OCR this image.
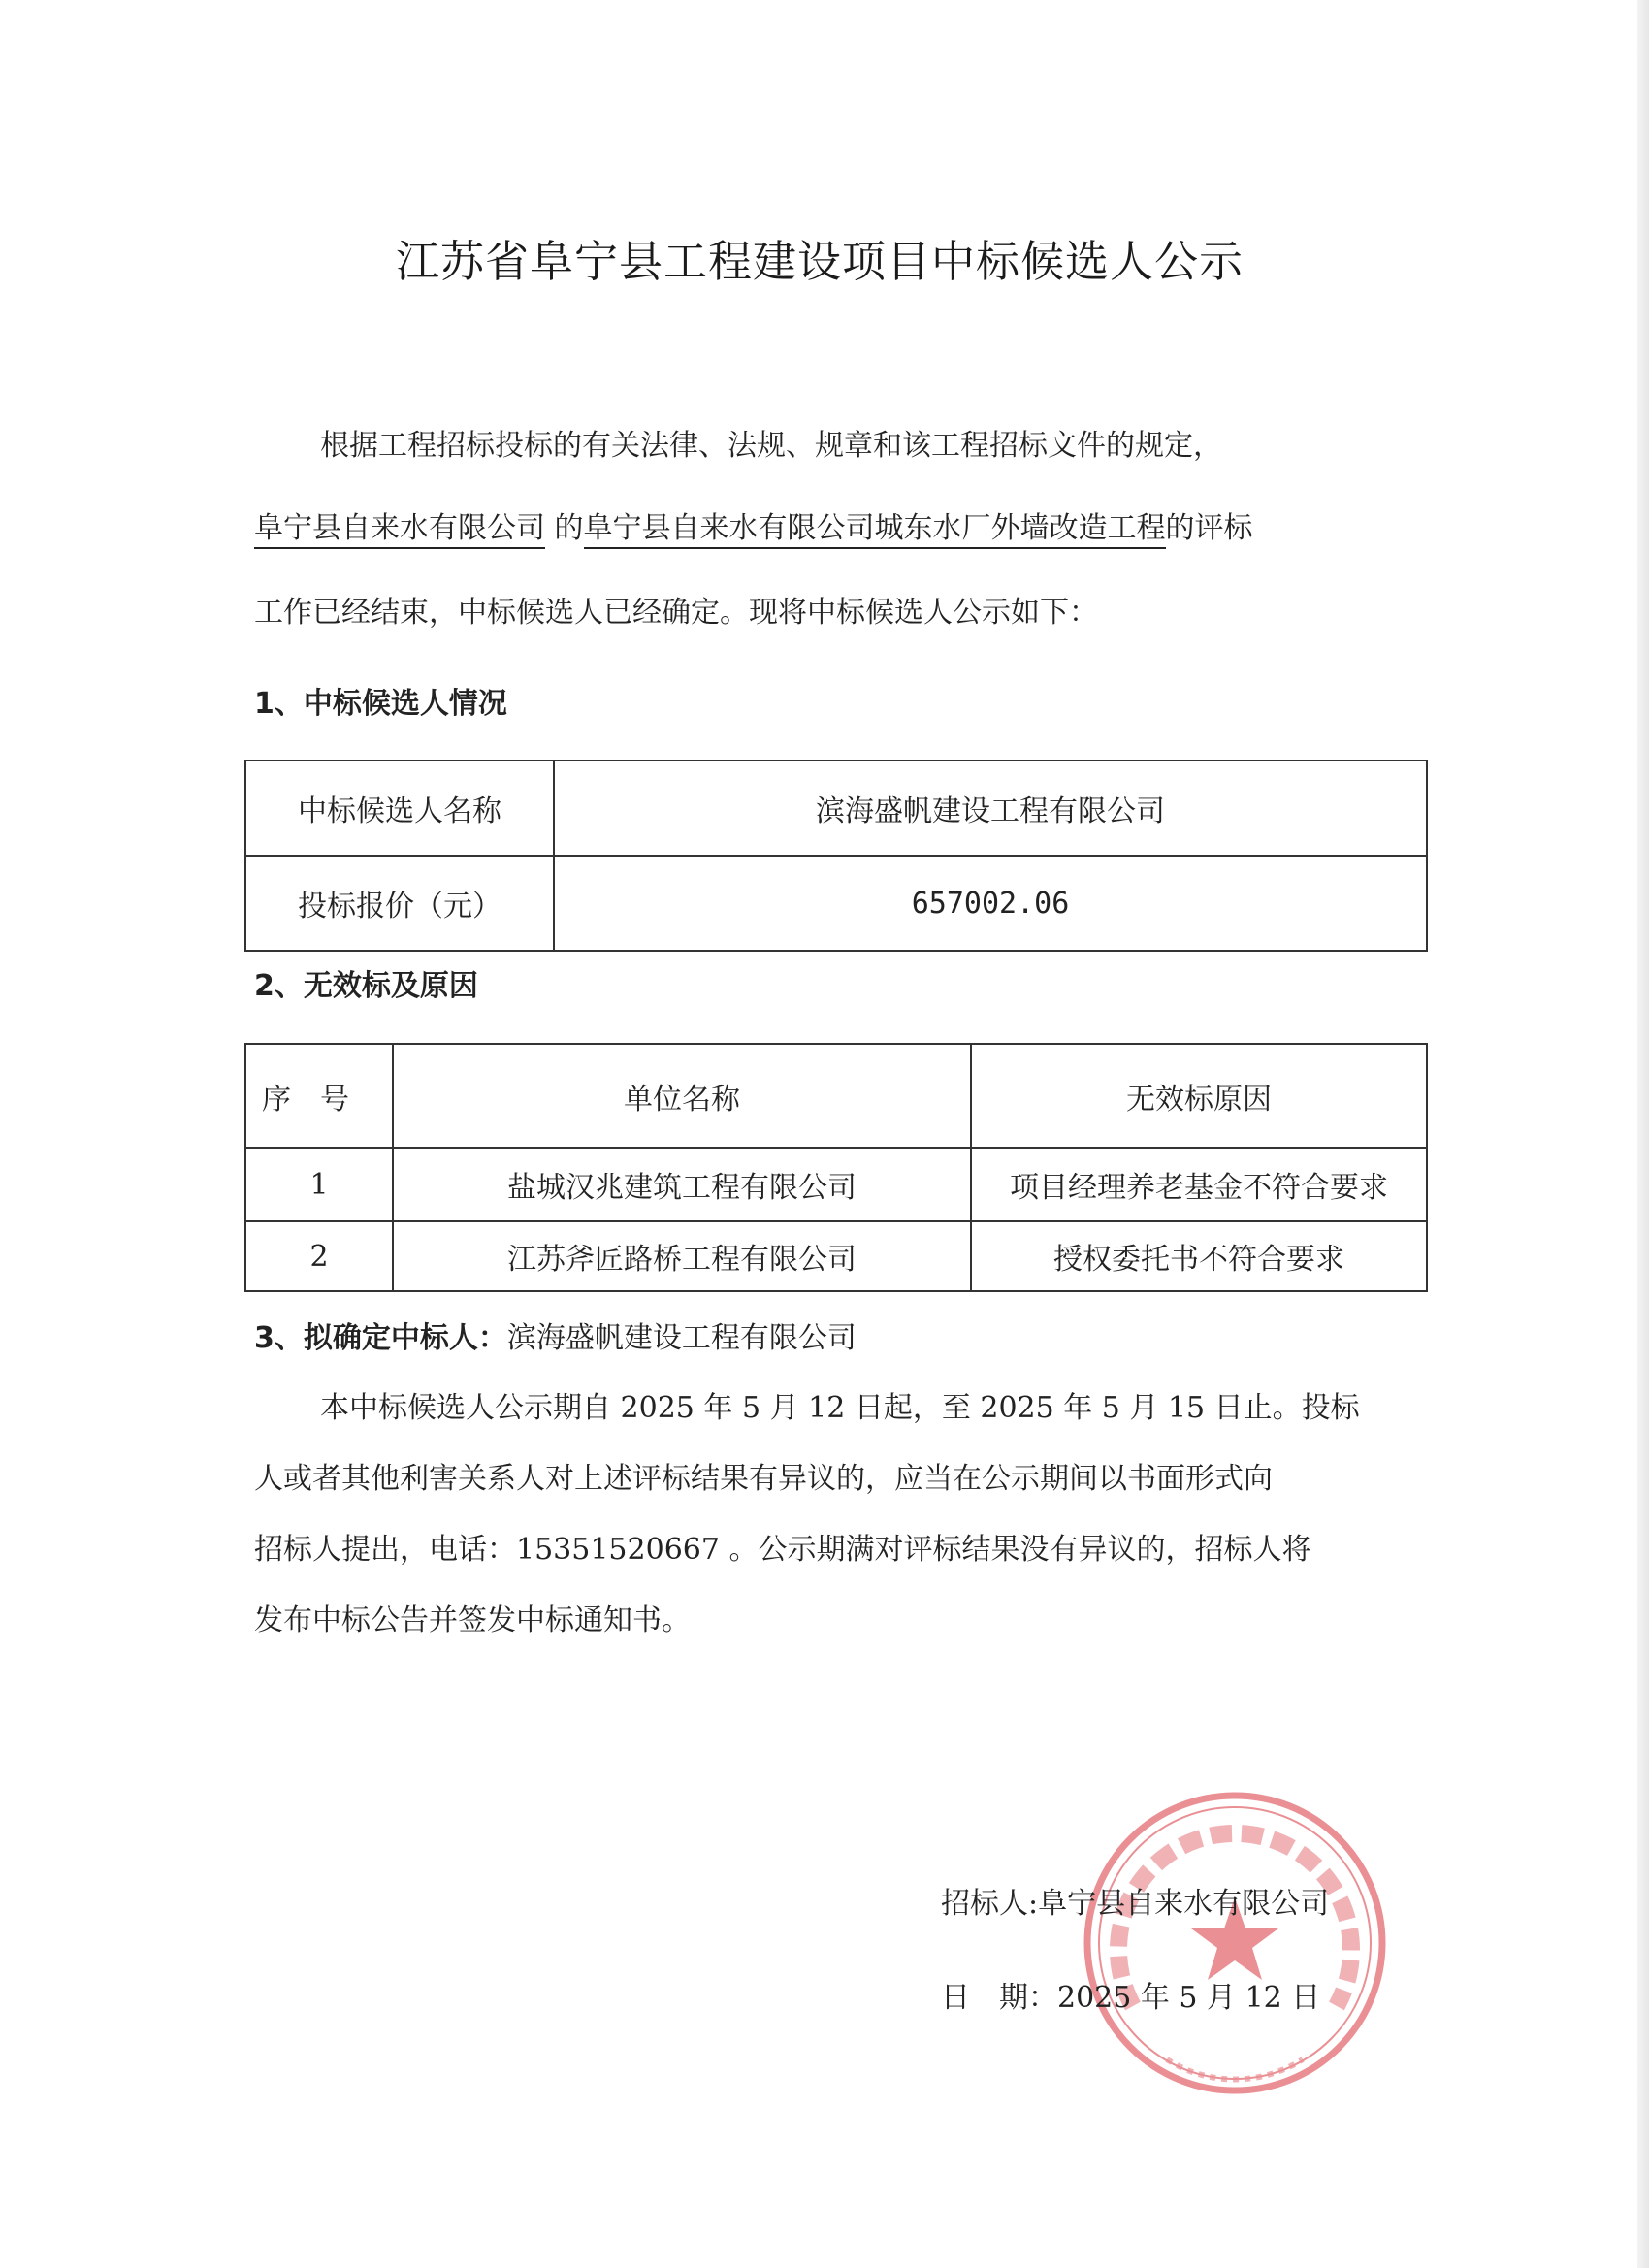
江苏省阜宁县工程建设项目中标候选人公示
根据工程招标投标的有关法律、法规、规章和该工程招标文件的规定，
阜宁县自来水有限公司 的阜宁县自来水有限公司城东水厂外墙改造工程的评标
工作已经结束，中标候选人已经确定。现将中标候选人公示如下：
1、中标候选人情况
中标候选人名称	滨海盛帆建设工程有限公司
投标报价（元）	657002.06
2、无效标及原因
序　号	单位名称	无效标原因
1	盐城汉兆建筑工程有限公司	项目经理养老基金不符合要求
2	江苏斧匠路桥工程有限公司	授权委托书不符合要求
3、拟确定中标人：滨海盛帆建设工程有限公司
本中标候选人公示期自 2025 年 5 月 12 日起，至 2025 年 5 月 15 日止。投标
人或者其他利害关系人对上述评标结果有异议的，应当在公示期间以书面形式向
招标人提出，电话：15351520667 。公示期满对评标结果没有异议的，招标人将
发布中标公告并签发中标通知书。
招标人:阜宁县自来水有限公司
日　期：2025 年 5 月 12 日
